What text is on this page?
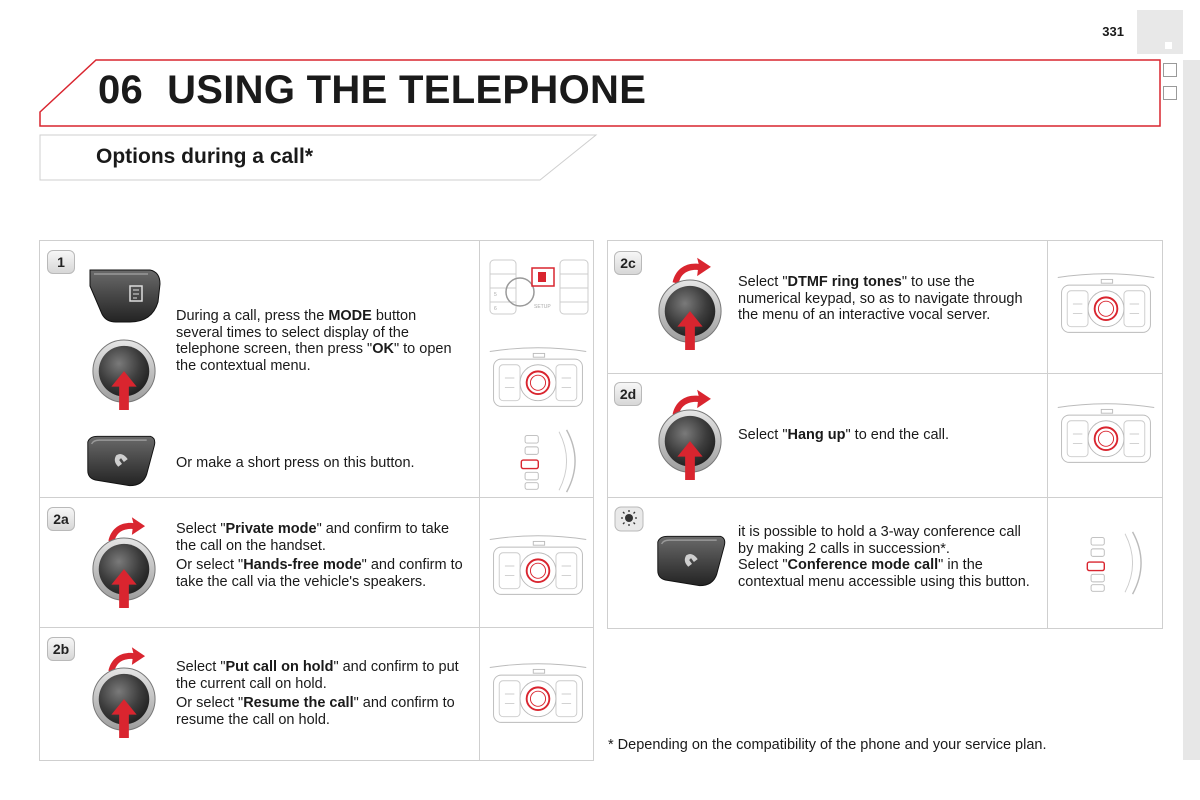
331
06 USING THE TELEPHONE
Options during a call*
1
During a call, press the MODE button several times to select display of the telephone screen, then press "OK" to open the contextual menu.
Or make a short press on this button.
5
6	SETUP
2a
Select "Private mode" and confirm to take the call on the handset.
Or select "Hands-free mode" and confirm to take the call via the vehicle's speakers.
2b
Select "Put call on hold" and confirm to put the current call on hold.
Or select "Resume the call" and confirm to resume the call on hold.
2c
Select "DTMF ring tones" to use the numerical keypad, so as to navigate through the menu of an interactive vocal server.
2d
Select "Hang up" to end the call.
it is possible to hold a 3-way conference call by making 2 calls in succession*.
Select "Conference mode call" in the contextual menu accessible using this button.
* Depending on the compatibility of the phone and your service plan.
